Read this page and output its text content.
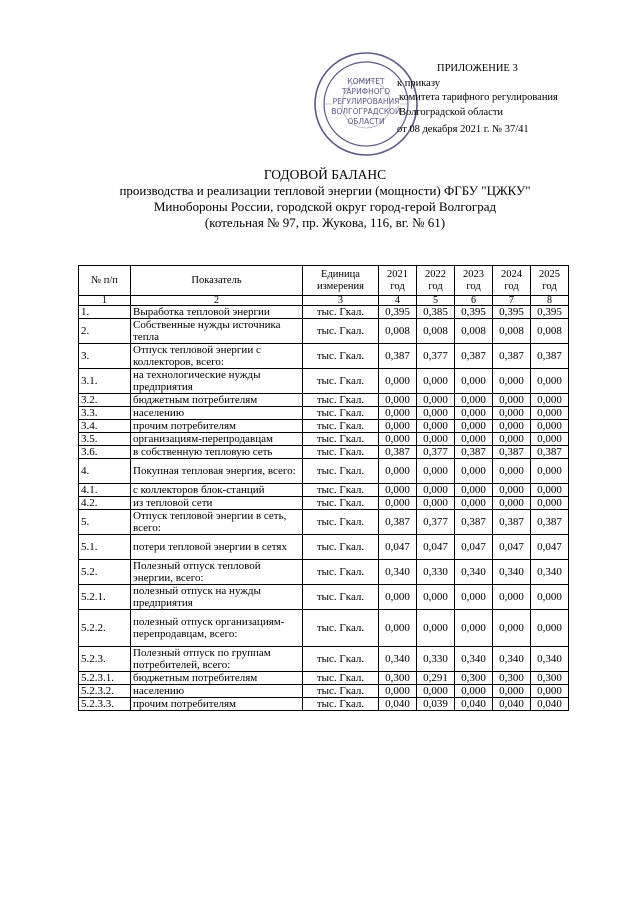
КОМИТЕТ
ТАРИФНОГО
РЕГУЛИРОВАНИЯ
ВОЛГОГРАДСКОЙ
ОБЛАСТИ
ПРИЛОЖЕНИЕ 3
к приказу
комитета тарифного регулирования
Волгоградской области
от 08 декабря 2021 г. № 37/41
ГОДОВОЙ БАЛАНС
производства и реализации тепловой энергии (мощности) ФГБУ "ЦЖКУ"
Минобороны России, городской округ город-герой Волгоград
(котельная № 97, пр. Жукова, 116, вг. № 61)
№ п/п	Показатель	Единица измерения	2021 год	2022 год	2023 год	2024 год	2025 год
1	2	3	4	5	6	7	8
1.	Выработка тепловой энергии	тыс. Гкал.	0,395	0,385	0,395	0,395	0,395
2.	Собственные нужды источника тепла	тыс. Гкал.	0,008	0,008	0,008	0,008	0,008
3.	Отпуск тепловой энергии с коллекторов, всего:	тыс. Гкал.	0,387	0,377	0,387	0,387	0,387
3.1.	на технологические нужды предприятия	тыс. Гкал.	0,000	0,000	0,000	0,000	0,000
3.2.	бюджетным потребителям	тыс. Гкал.	0,000	0,000	0,000	0,000	0,000
3.3.	населению	тыс. Гкал.	0,000	0,000	0,000	0,000	0,000
3.4.	прочим потребителям	тыс. Гкал.	0,000	0,000	0,000	0,000	0,000
3.5.	организациям-перепродавцам	тыс. Гкал.	0,000	0,000	0,000	0,000	0,000
3.6.	в собственную тепловую сеть	тыс. Гкал.	0,387	0,377	0,387	0,387	0,387
4.	Покупная тепловая энергия, всего:	тыс. Гкал.	0,000	0,000	0,000	0,000	0,000
4.1.	с коллекторов блок-станций	тыс. Гкал.	0,000	0,000	0,000	0,000	0,000
4.2.	из тепловой сети	тыс. Гкал.	0,000	0,000	0,000	0,000	0,000
5.	Отпуск тепловой энергии в сеть, всего:	тыс. Гкал.	0,387	0,377	0,387	0,387	0,387
5.1.	потери тепловой энергии в сетях	тыс. Гкал.	0,047	0,047	0,047	0,047	0,047
5.2.	Полезный отпуск тепловой энергии, всего:	тыс. Гкал.	0,340	0,330	0,340	0,340	0,340
5.2.1.	полезный отпуск на нужды предприятия	тыс. Гкал.	0,000	0,000	0,000	0,000	0,000
5.2.2.	полезный отпуск организациям-перепродавцам, всего:	тыс. Гкал.	0,000	0,000	0,000	0,000	0,000
5.2.3.	Полезный отпуск по группам потребителей, всего:	тыс. Гкал.	0,340	0,330	0,340	0,340	0,340
5.2.3.1.	бюджетным потребителям	тыс. Гкал.	0,300	0,291	0,300	0,300	0,300
5.2.3.2.	населению	тыс. Гкал.	0,000	0,000	0,000	0,000	0,000
5.2.3.3.	прочим потребителям	тыс. Гкал.	0,040	0,039	0,040	0,040	0,040
